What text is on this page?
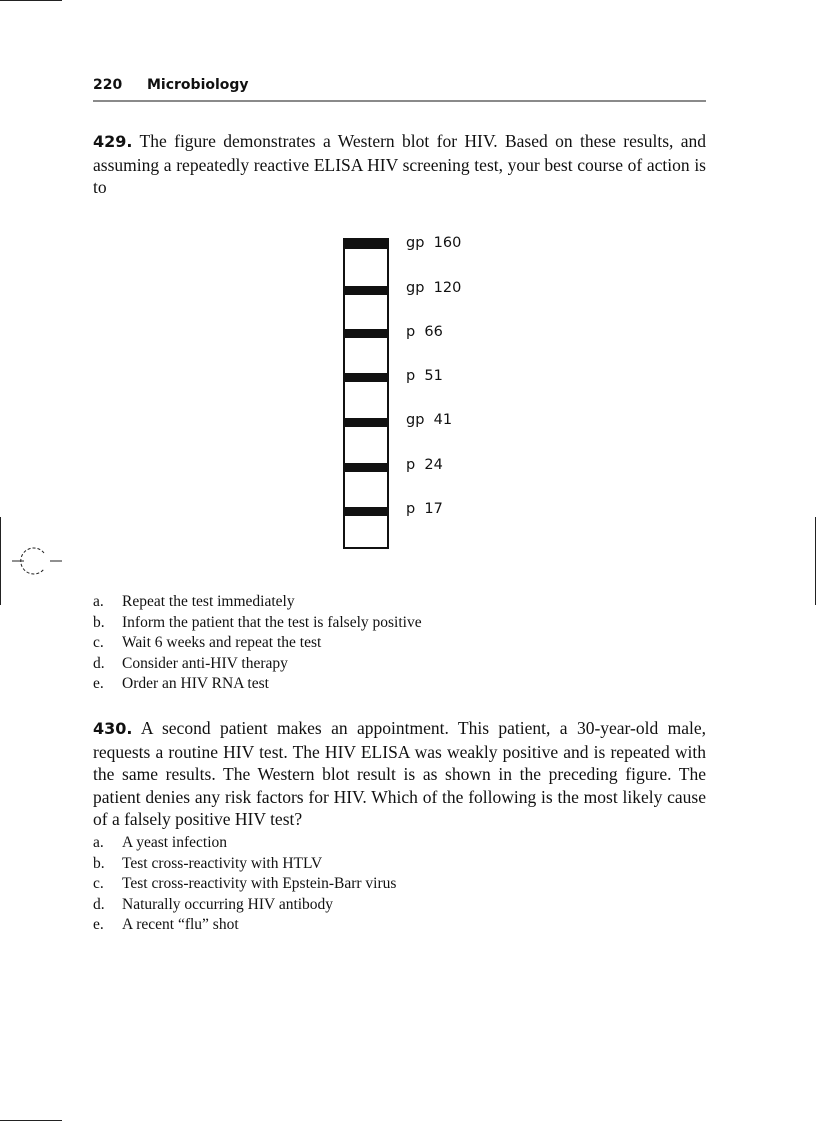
220 Microbiology
429. The figure demonstrates a Western blot for HIV. Based on these results, and assuming a repeatedly reactive ELISA HIV screening test, your best course of action is to
gp  160
gp  120
p  66
p  51
gp  41
p  24
p  17
a. Repeat the test immediately
b. Inform the patient that the test is falsely positive
c. Wait 6 weeks and repeat the test
d. Consider anti-HIV therapy
e. Order an HIV RNA test
430. A second patient makes an appointment. This patient, a 30-year-old male, requests a routine HIV test. The HIV ELISA was weakly positive and is repeated with the same results. The Western blot result is as shown in the preceding figure. The patient denies any risk factors for HIV. Which of the following is the most likely cause of a falsely positive HIV test?
a. A yeast infection
b. Test cross-reactivity with HTLV
c. Test cross-reactivity with Epstein-Barr virus
d. Naturally occurring HIV antibody
e. A recent “flu” shot
